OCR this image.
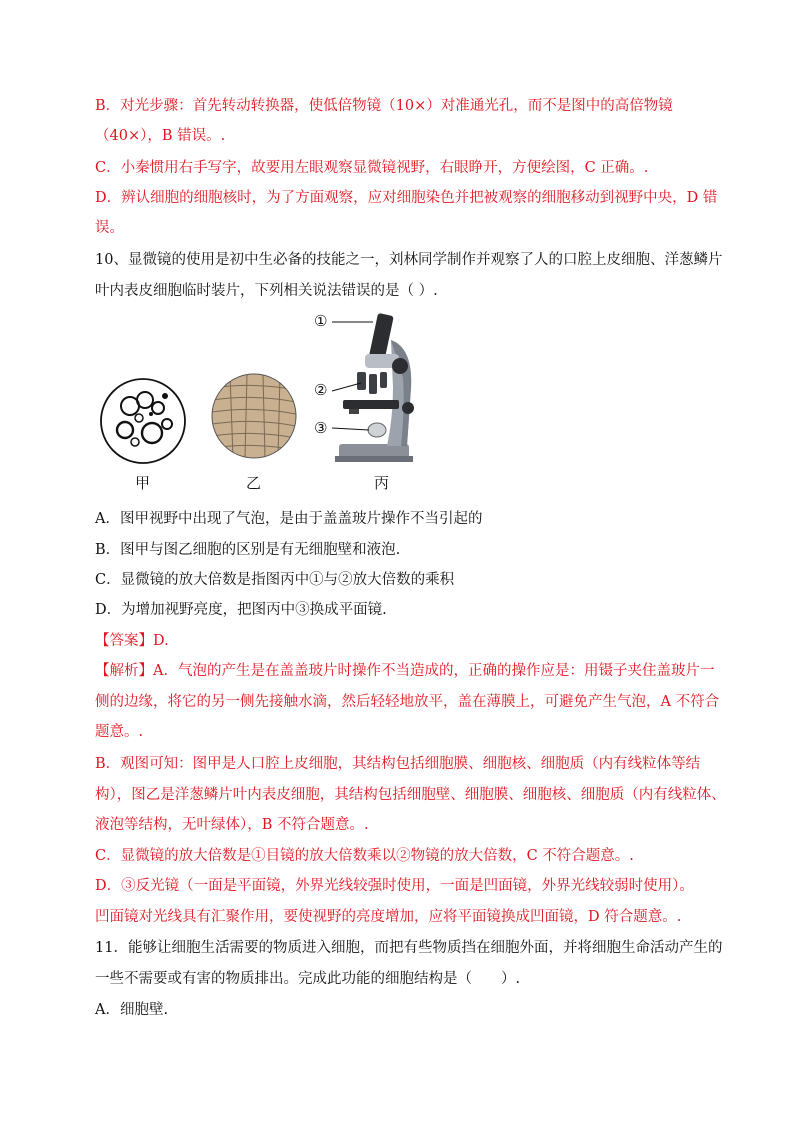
B．对光步骤：首先转动转换器，使低倍物镜（10×）对准通光孔，而不是图中的高倍物镜
（40×），B 错误。.
C．小秦惯用右手写字，故要用左眼观察显微镜视野，右眼睁开，方便绘图，C 正确。.
D．辨认细胞的细胞核时，为了方面观察，应对细胞染色并把被观察的细胞移动到视野中央，D 错
误。
10、显微镜的使用是初中生必备的技能之一，刘林同学制作并观察了人的口腔上皮细胞、洋葱鳞片
叶内表皮细胞临时装片，下列相关说法错误的是（ ）.
①
②
③
甲	乙	丙
A．图甲视野中出现了气泡，是由于盖盖玻片操作不当引起的
B．图甲与图乙细胞的区别是有无细胞壁和液泡.
C．显微镜的放大倍数是指图丙中①与②放大倍数的乘积
D．为增加视野亮度，把图丙中③换成平面镜.
【答案】D.
【解析】A．气泡的产生是在盖盖玻片时操作不当造成的，正确的操作应是：用镊子夹住盖玻片一
侧的边缘，将它的另一侧先接触水滴，然后轻轻地放平，盖在薄膜上，可避免产生气泡，A 不符合
题意。.
B．观图可知：图甲是人口腔上皮细胞，其结构包括细胞膜、细胞核、细胞质（内有线粒体等结
构），图乙是洋葱鳞片叶内表皮细胞，其结构包括细胞壁、细胞膜、细胞核、细胞质（内有线粒体、
液泡等结构，无叶绿体），B 不符合题意。.
C．显微镜的放大倍数是①目镜的放大倍数乘以②物镜的放大倍数，C 不符合题意。.
D．③反光镜（一面是平面镜，外界光线较强时使用，一面是凹面镜，外界光线较弱时使用）。
凹面镜对光线具有汇聚作用，要使视野的亮度增加，应将平面镜换成凹面镜，D 符合题意。.
11．能够让细胞生活需要的物质进入细胞，而把有些物质挡在细胞外面，并将细胞生命活动产生的
一些不需要或有害的物质排出。完成此功能的细胞结构是（　　）.
A．细胞壁.
